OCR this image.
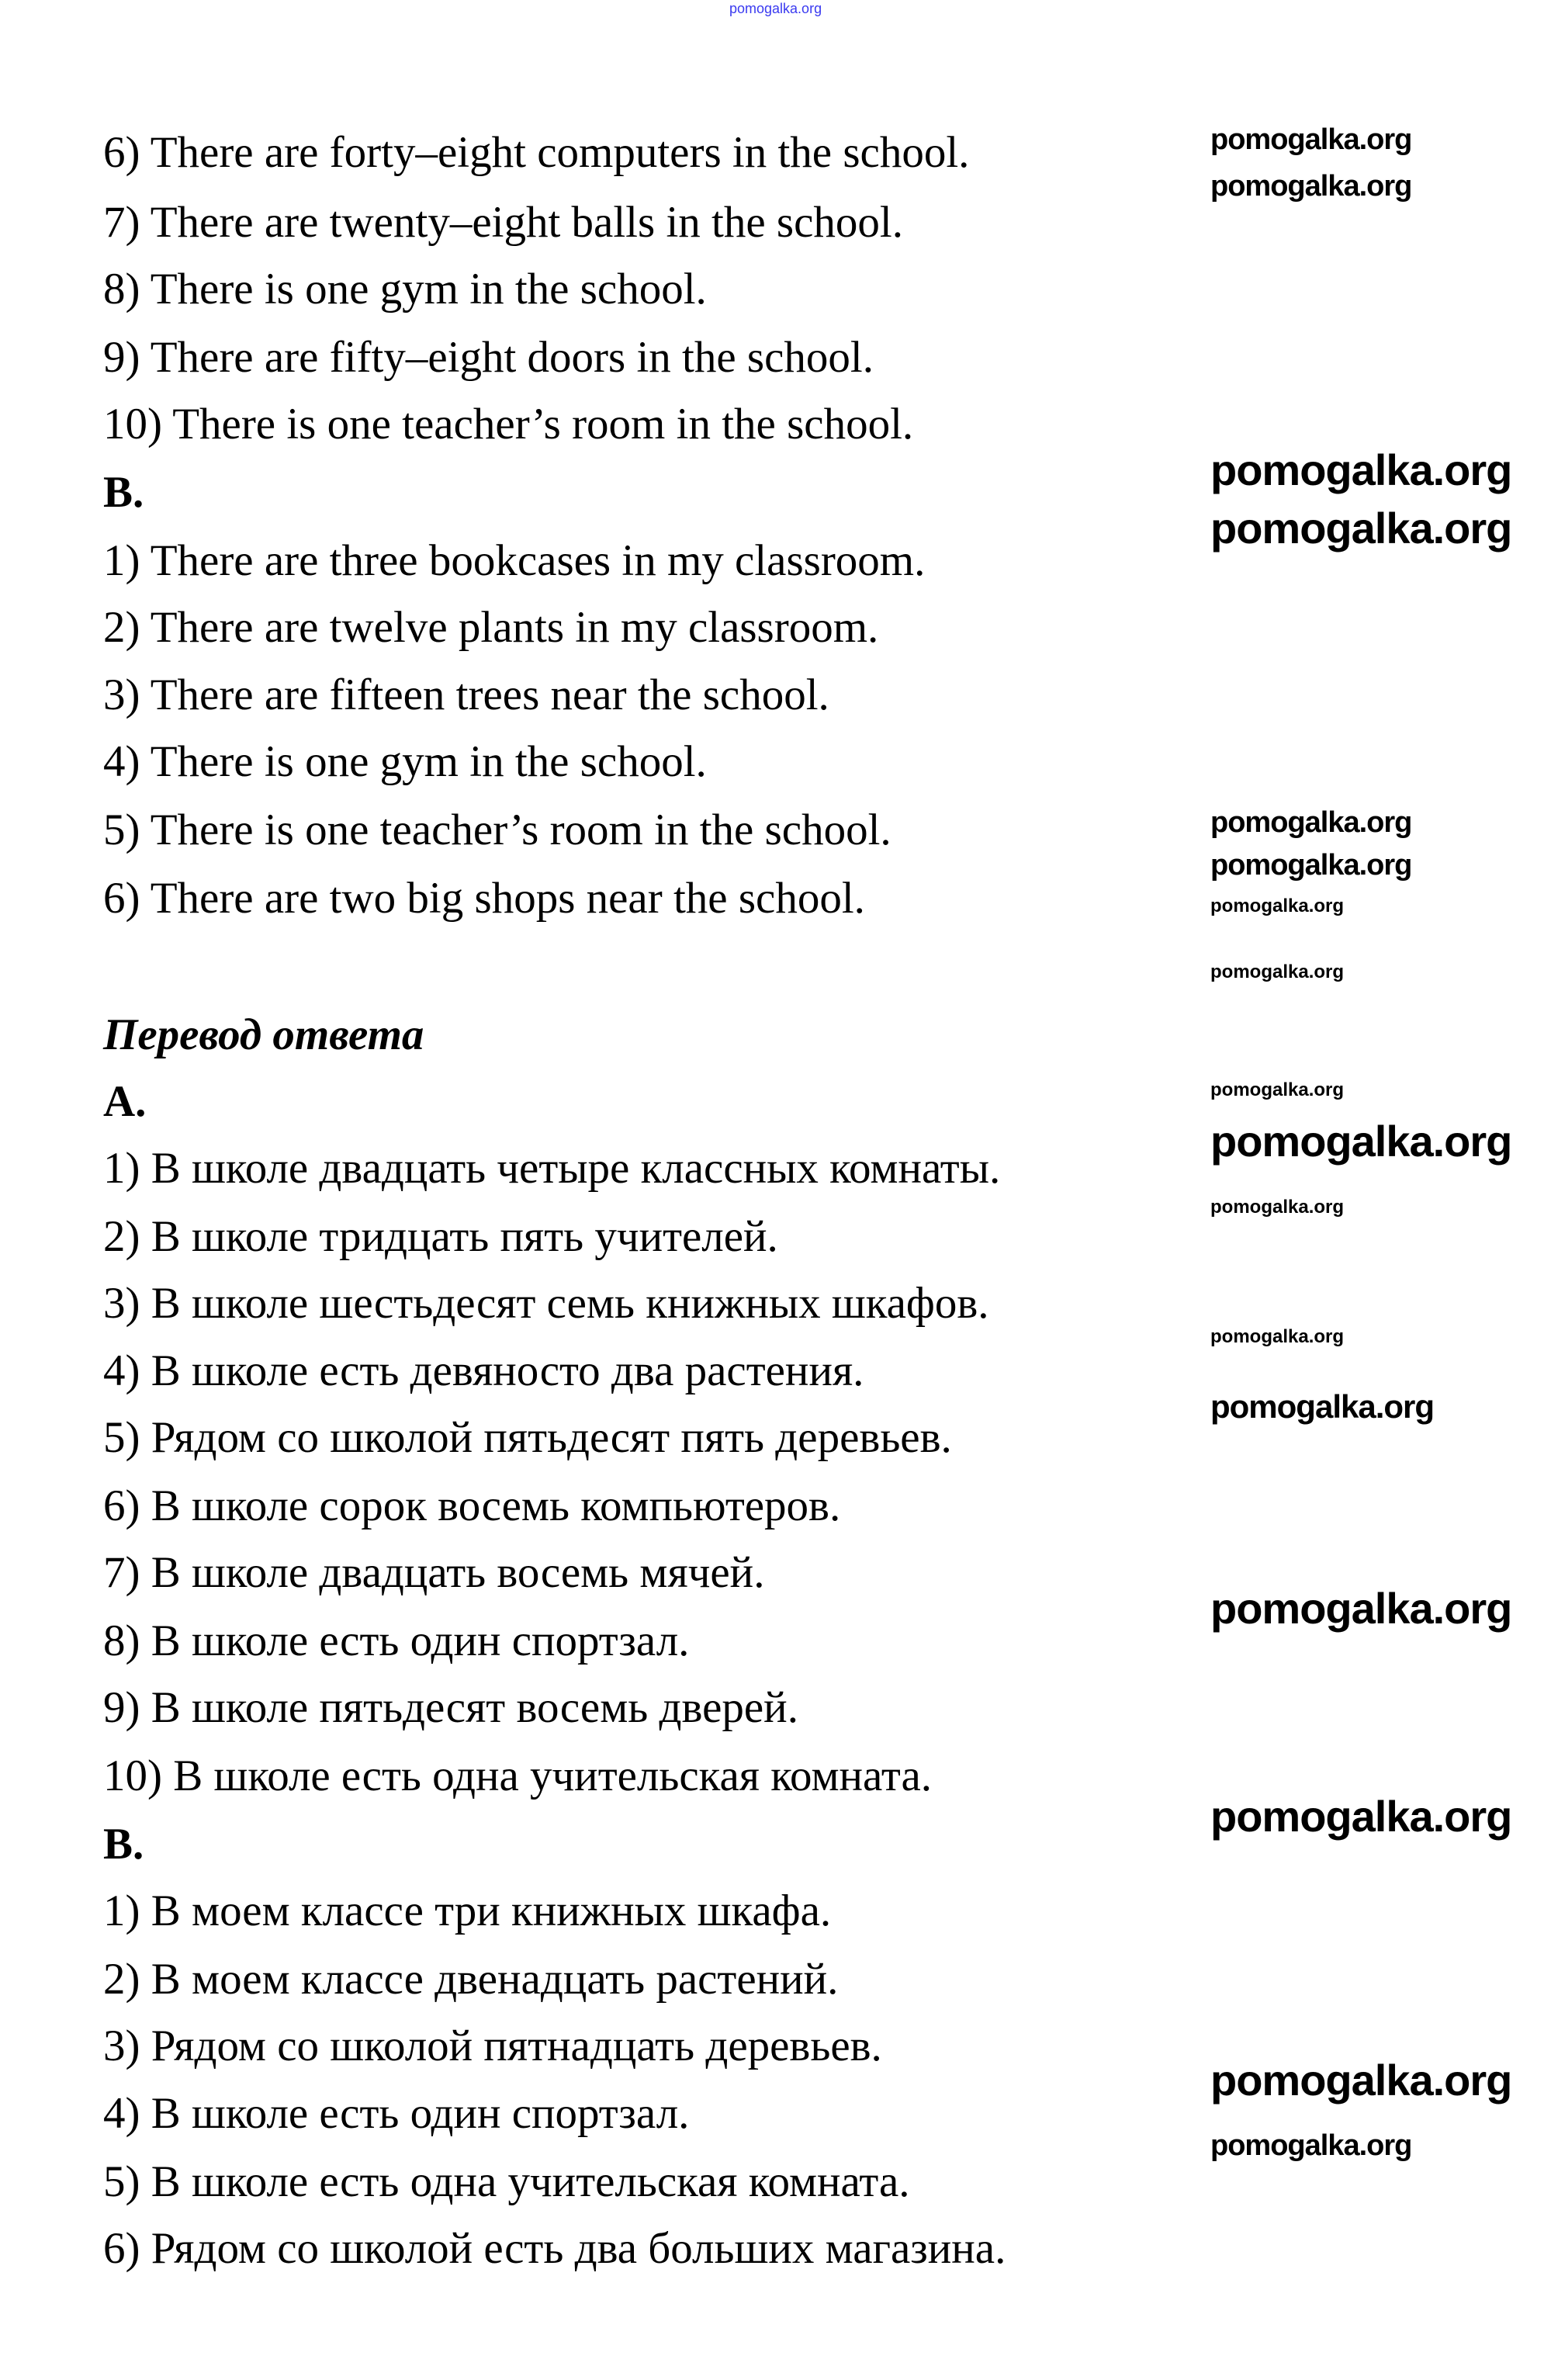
6) There are forty–eight computers in the school.
7) There are twenty–eight balls in the school.
8) There is one gym in the school.
9) There are fifty–eight doors in the school.
10) There is one teacher’s room in the school.
B.
1) There are three bookcases in my classroom.
2) There are twelve plants in my classroom.
3) There are fifteen trees near the school.
4) There is one gym in the school.
5) There is one teacher’s room in the school.
6) There are two big shops near the school.
Перевод ответа
A.
1) В школе двадцать четыре классных комнаты.
2) В школе тридцать пять учителей.
3) В школе шестьдесят семь книжных шкафов.
4) В школе есть девяносто два растения.
5) Рядом со школой пятьдесят пять деревьев.
6) В школе сорок восемь компьютеров.
7) В школе двадцать восемь мячей.
8) В школе есть один спортзал.
9) В школе пятьдесят восемь дверей.
10) В школе есть одна учительская комната.
B.
1) В моем классе три книжных шкафа.
2) В моем классе двенадцать растений.
3) Рядом со школой пятнадцать деревьев.
4) В школе есть один спортзал.
5) В школе есть одна учительская комната.
6) Рядом со школой есть два больших магазина.
pomogalka.org
pomogalka.org
pomogalka.org
pomogalka.org
pomogalka.org
pomogalka.org
pomogalka.org
pomogalka.org
pomogalka.org
pomogalka.org
pomogalka.org
pomogalka.org
pomogalka.org
pomogalka.org
pomogalka.org
pomogalka.org
pomogalka.org
pomogalka.org
